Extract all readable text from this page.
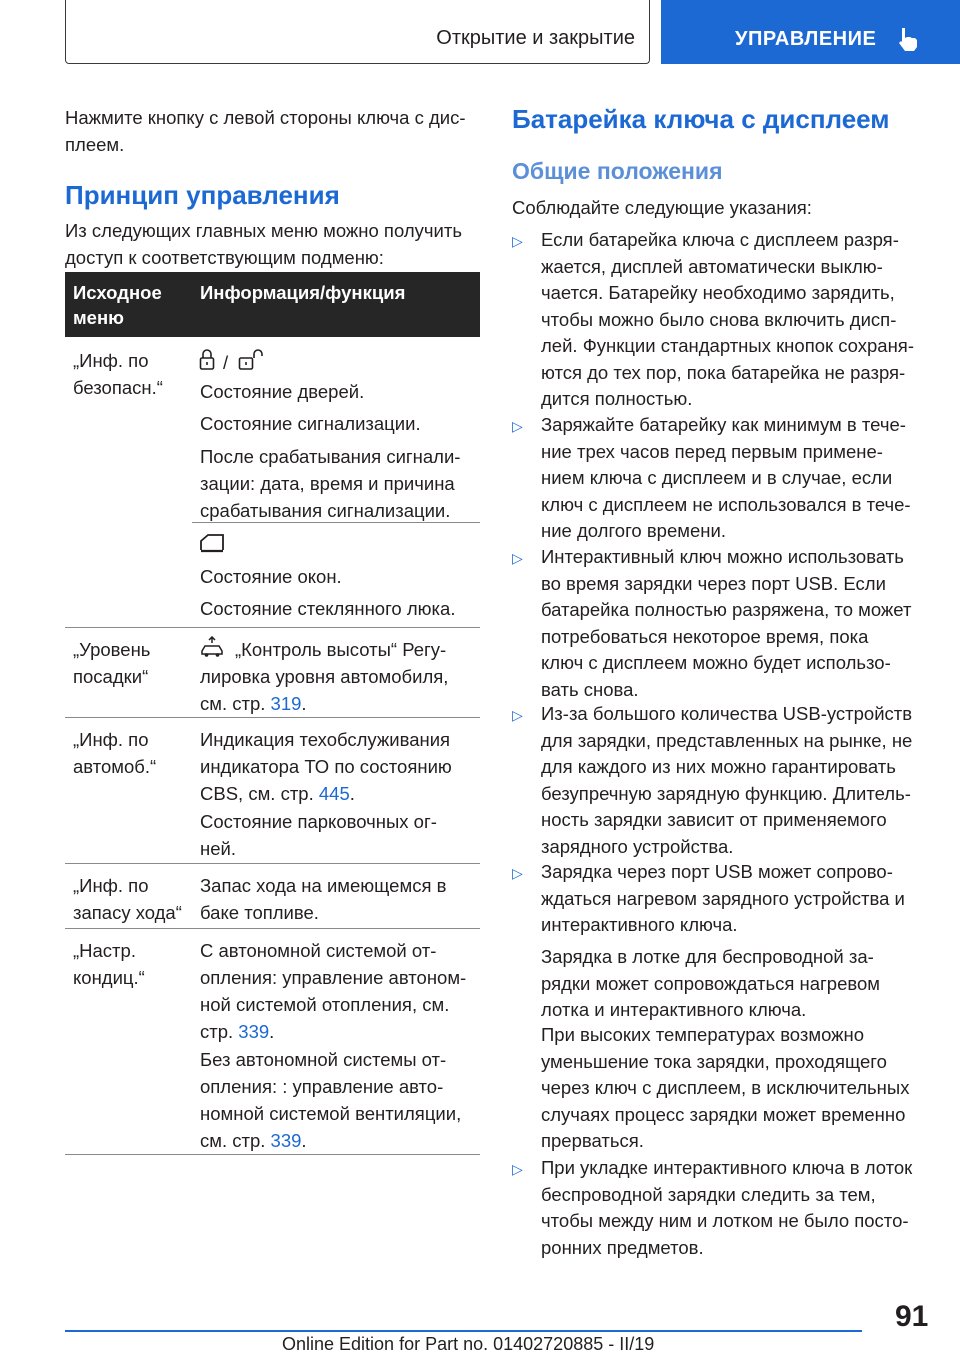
Открытие и закрытие	УПРАВЛЕНИЕ
Нажмите кнопку с левой стороны ключа с дис‐
плеем.
Принцип управления
Из следующих главных меню можно получить
доступ к соответствующим подменю:
Исходное
меню
Информация/функция
„Инф. по
безопасн.“
/
Состояние дверей.
Состояние сигнализации.
После срабатывания сигнали‐
зации: дата, время и причина
срабатывания сигнализации.
Состояние окон.
Состояние стеклянного люка.
„Уровень
посадки“
„Контроль высоты“ Регу‐
лировка уровня автомобиля,
см. стр. 319.
„Инф. по
автомоб.“
Индикация техобслуживания
индикатора ТО по состоянию
CBS, см. стр. 445.
Состояние парковочных ог‐
ней.
„Инф. по
запасу хода“
Запас хода на имеющемся в
баке топливе.
„Настр.
кондиц.“
С автономной системой от‐
опления: управление автоном‐
ной системой отопления, см.
стр. 339.
Без автономной системы от‐
опления: : управление авто‐
номной системой вентиляции,
см. стр. 339.
Батарейка ключа с дисплеем
Общие положения
Соблюдайте следующие указания:
▷ Если батарейка ключа с дисплеем разря‐
жается, дисплей автоматически выклю‐
чается. Батарейку необходимо зарядить,
чтобы можно было снова включить дисп‐
лей. Функции стандартных кнопок сохраня‐
ются до тех пор, пока батарейка не разря‐
дится полностью.
▷ Заряжайте батарейку как минимум в тече‐
ние трех часов перед первым примене‐
нием ключа с дисплеем и в случае, если
ключ с дисплеем не использовался в тече‐
ние долгого времени.
▷ Интерактивный ключ можно использовать
во время зарядки через порт USB. Если
батарейка полностью разряжена, то может
потребоваться некоторое время, пока
ключ с дисплеем можно будет использо‐
вать снова.
▷ Из-за большого количества USB-устройств
для зарядки, представленных на рынке, не
для каждого из них можно гарантировать
безупречную зарядную функцию. Длитель‐
ность зарядки зависит от применяемого
зарядного устройства.
▷ Зарядка через порт USB может сопрово‐
ждаться нагревом зарядного устройства и
интерактивного ключа.
Зарядка в лотке для беспроводной за‐
рядки может сопровождаться нагревом
лотка и интерактивного ключа.
При высоких температурах возможно
уменьшение тока зарядки, проходящего
через ключ с дисплеем, в исключительных
случаях процесс зарядки может временно
прерваться.
▷ При укладке интерактивного ключа в лоток
беспроводной зарядки следить за тем,
чтобы между ним и лотком не было посто‐
ронних предметов.
91
Online Edition for Part no. 01402720885 - II/19
